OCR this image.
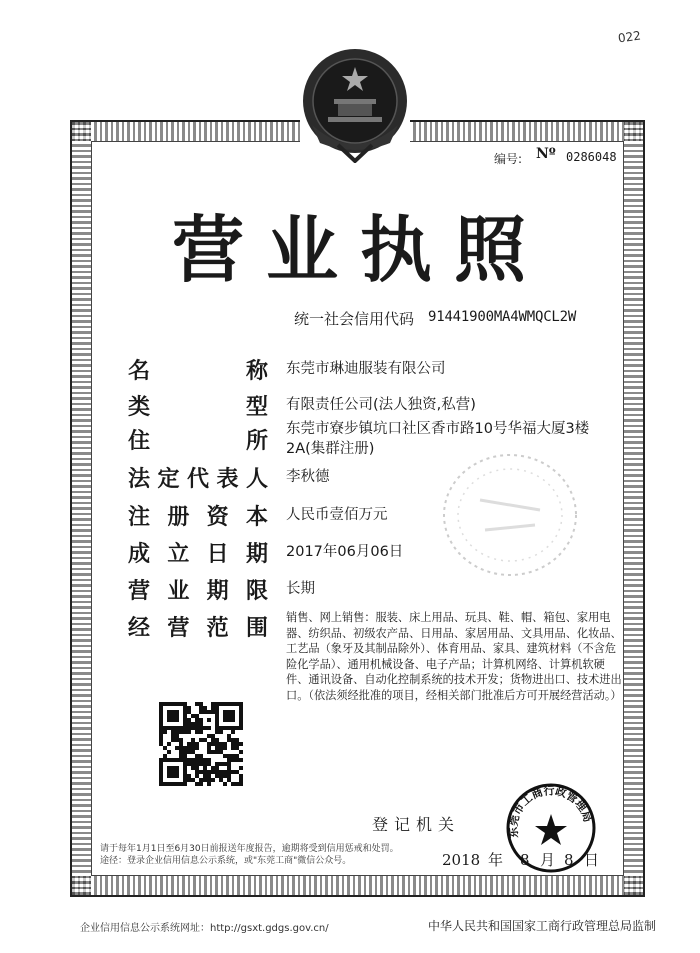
022
编号: Nº 0286048
营业执照
统一社会信用代码 91441900MA4WMQCL2W
名	称 东莞市琳迪服装有限公司
类	型 有限责任公司(法人独资,私营)
住	所 东莞市寮步镇坑口社区香市路10号华福大厦3楼2A(集群注册)
法 定 代 表 人 李秋德
注 册 资 本 人民币壹佰万元
成 立 日 期 2017年06月06日
营 业 期 限 长期
经 营 范 围 销售、网上销售：服装、床上用品、玩具、鞋、帽、箱包、家用电器、纺织品、初级农产品、日用品、家居用品、文具用品、化妆品、工艺品（象牙及其制品除外）、体育用品、家具、建筑材料（不含危险化学品）、通用机械设备、电子产品；计算机网络、计算机软硬件、通讯设备、自动化控制系统的技术开发；货物进出口、技术进出口。（依法须经批准的项目，经相关部门批准后方可开展经营活动。）
请于每年1月1日至6月30日前报送年度报告，逾期将受到信用惩戒和处罚。
途径：登录企业信用信息公示系统，或"东莞工商"微信公众号。
登记机关
2018 年 8 月 8 日
东莞市工商行政管理局
企业信用信息公示系统网址：http://gsxt.gdgs.gov.cn/	中华人民共和国国家工商行政管理总局监制
